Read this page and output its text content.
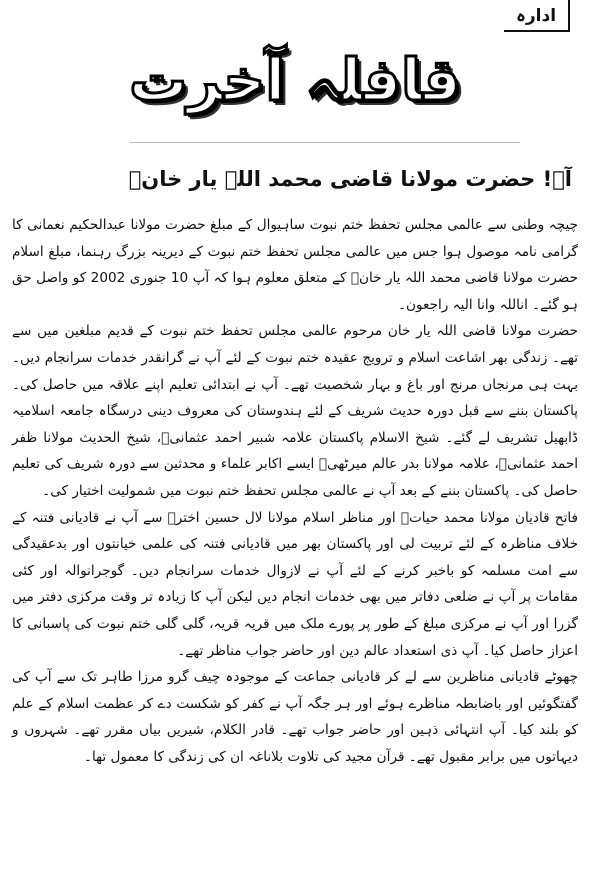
ادارہ
قافلہ آخرت
آہ! حضرت مولانا قاضی محمد اللہ یار خانؒ

چیچہ وطنی سے عالمی مجلس تحفظ ختم نبوت ساہیوال کے مبلغ حضرت مولانا عبدالحکیم نعمانی کا گرامی نامہ موصول ہوا جس میں عالمی مجلس تحفظ ختم نبوت کے دیرینہ بزرگ رہنما، مبلغ اسلام حضرت مولانا قاضی محمد اللہ یار خانؒ کے متعلق معلوم ہوا کہ آپ 10 جنوری 2002 کو واصل حق ہو گئے۔ اناللہ وانا الیہ راجعون۔

حضرت مولانا قاضی اللہ یار خان مرحوم عالمی مجلس تحفظ ختم نبوت کے قدیم مبلغین میں سے تھے۔ زندگی بھر اشاعت اسلام و ترویج عقیدہ ختم نبوت کے لئے آپ نے گرانقدر خدمات سرانجام دیں۔ بہت ہی مرنجاں مرنج اور باغ و بہار شخصیت تھے۔ آپ نے ابتدائی تعلیم اپنے علاقہ میں حاصل کی۔ پاکستان بننے سے قبل دورہ حدیث شریف کے لئے ہندوستان کی معروف دینی درسگاہ جامعہ اسلامیہ ڈابھیل تشریف لے گئے۔ شیخ الاسلام پاکستان علامہ شبیر احمد عثمانیؒ، شیخ الحدیث مولانا ظفر احمد عثمانیؒ، علامہ مولانا بدر عالم میرٹھیؒ ایسے اکابر علماء و محدثین سے دورہ شریف کی تعلیم حاصل کی۔ پاکستان بننے کے بعد آپ نے عالمی مجلس تحفظ ختم نبوت میں شمولیت اختیار کی۔

فاتح قادیان مولانا محمد حیاتؒ اور مناظر اسلام مولانا لال حسین اخترؒ سے آپ نے قادیانی فتنہ کے خلاف مناظرہ کے لئے تربیت لی اور پاکستان بھر میں قادیانی فتنہ کی علمی خیانتوں اور بدعقیدگی سے امت مسلمہ کو باخبر کرنے کے لئے آپ نے لازوال خدمات سرانجام دیں۔ گوجرانوالہ اور کئی مقامات پر آپ نے ضلعی دفاتر میں بھی خدمات انجام دیں لیکن آپ کا زیادہ تر وقت مرکزی دفتر میں گزرا اور آپ نے مرکزی مبلغ کے طور پر پورے ملک میں قریہ قریہ، گلی گلی ختم نبوت کی پاسبانی کا اعزاز حاصل کیا۔ آپ ذی استعداد عالم دین اور حاضر جواب مناظر تھے۔

چھوٹے قادیانی مناظرین سے لے کر قادیانی جماعت کے موجودہ چیف گرو مرزا طاہر تک سے آپ کی گفتگوئیں اور باضابطہ مناظرے ہوئے اور ہر جگہ آپ نے کفر کو شکست دے کر عظمت اسلام کے علم کو بلند کیا۔ آپ انتہائی ذہین اور حاضر جواب تھے۔ قادر الکلام، شیریں بیاں مقرر تھے۔ شہروں و دیہاتوں میں برابر مقبول تھے۔ قرآن مجید کی تلاوت بلاناغہ ان کی زندگی کا معمول تھا۔
